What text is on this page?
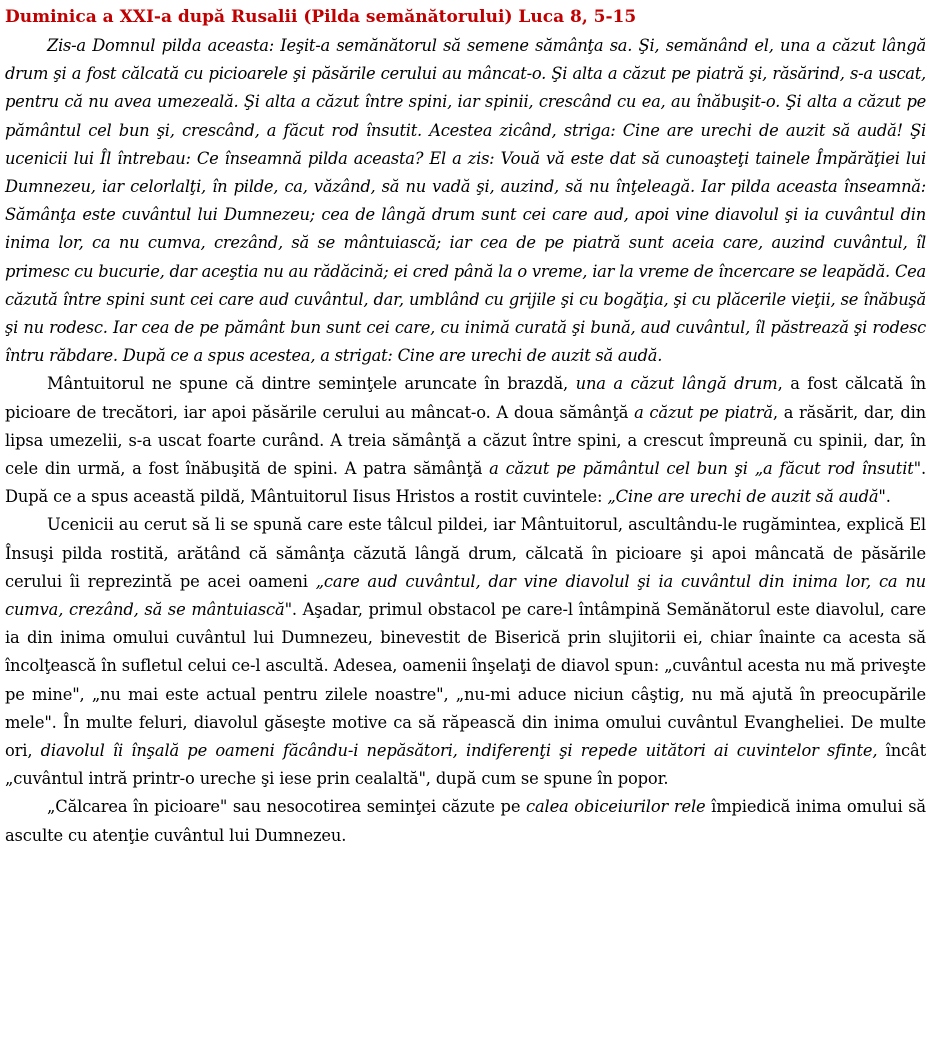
Duminica a XXI-a după Rusalii (Pilda semănătorului) Luca 8, 5-15

Zis-a Domnul pilda aceasta: Ieşit-a semănătorul să semene sămânţa sa. Şi, semănând el, una a căzut lângă drum şi a fost călcată cu picioarele şi păsările cerului au mâncat-o. Şi alta a căzut pe piatră şi, răsărind, s-a uscat, pentru că nu avea umezeală. Şi alta a căzut între spini, iar spinii, crescând cu ea, au înăbuşit-o. Şi alta a căzut pe pământul cel bun şi, crescând, a făcut rod însutit. Acestea zicând, striga: Cine are urechi de auzit să audă! Şi ucenicii lui Îl întrebau: Ce înseamnă pilda aceasta? El a zis: Vouă vă este dat să cunoaşteţi tainele Împărăţiei lui Dumnezeu, iar celorlalţi, în pilde, ca, văzând, să nu vadă şi, auzind, să nu înţeleagă. Iar pilda aceasta înseamnă: Sămânţa este cuvântul lui Dumnezeu; cea de lângă drum sunt cei care aud, apoi vine diavolul şi ia cuvântul din inima lor, ca nu cumva, crezând, să se mântuiască; iar cea de pe piatră sunt aceia care, auzind cuvântul, îl primesc cu bucurie, dar aceştia nu au rădăcină; ei cred până la o vreme, iar la vreme de încercare se leapădă. Cea căzută între spini sunt cei care aud cuvântul, dar, umblând cu grijile şi cu bogăţia, şi cu plăcerile vieţii, se înăbuşă şi nu rodesc. Iar cea de pe pământ bun sunt cei care, cu inimă curată şi bună, aud cuvântul, îl păstrează şi rodesc întru răbdare. După ce a spus acestea, a strigat: Cine are urechi de auzit să audă.

Mântuitorul ne spune că dintre seminţele aruncate în brazdă, una a căzut lângă drum, a fost călcată în picioare de trecători, iar apoi păsările cerului au mâncat-o. A doua sămânţă a căzut pe piatră, a răsărit, dar, din lipsa umezelii, s-a uscat foarte curând. A treia sămânţă a căzut între spini, a crescut împreună cu spinii, dar, în cele din urmă, a fost înăbuşită de spini. A patra sămânţă a căzut pe pământul cel bun şi „a făcut rod însutit". După ce a spus această pildă, Mântuitorul Iisus Hristos a rostit cuvintele: „Cine are urechi de auzit să audă".

Ucenicii au cerut să li se spună care este tâlcul pildei, iar Mântuitorul, ascultându-le rugămintea, explică El Însuşi pilda rostită, arătând că sămânţa căzută lângă drum, călcată în picioare şi apoi mâncată de păsările cerului îi reprezintă pe acei oameni „care aud cuvântul, dar vine diavolul şi ia cuvântul din inima lor, ca nu cumva, crezând, să se mântuiască". Aşadar, primul obstacol pe care-l întâmpină Semănătorul este diavolul, care ia din inima omului cuvântul lui Dumnezeu, binevestit de Biserică prin slujitorii ei, chiar înainte ca acesta să încolţească în sufletul celui ce-l ascultă. Adesea, oamenii înşelaţi de diavol spun: „cuvântul acesta nu mă priveşte pe mine", „nu mai este actual pentru zilele noastre", „nu-mi aduce niciun câştig, nu mă ajută în preocupările mele". În multe feluri, diavolul găseşte motive ca să răpească din inima omului cuvântul Evangheliei. De multe ori, diavolul îi înşală pe oameni făcându-i nepăsători, indiferenţi şi repede uitători ai cuvintelor sfinte, încât „cuvântul intră printr-o ureche şi iese prin cealaltă", după cum se spune în popor.

„Călcarea în picioare" sau nesocotirea seminţei căzute pe calea obiceiurilor rele împiedică inima omului să asculte cu atenţie cuvântul lui Dumnezeu.
